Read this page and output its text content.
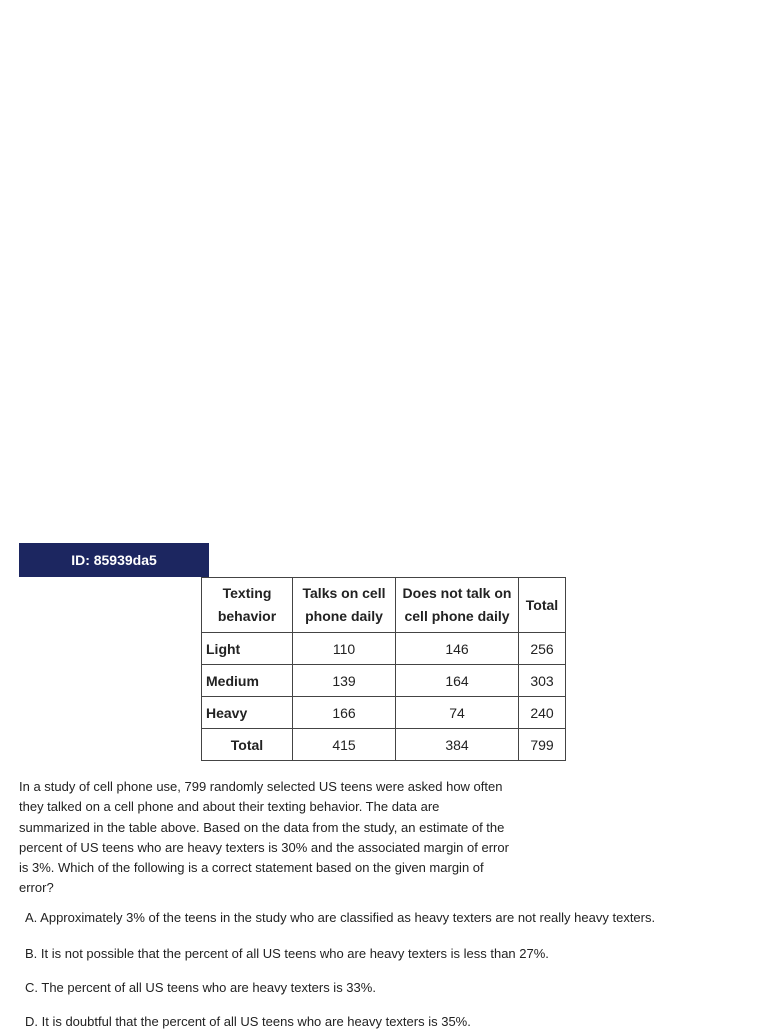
ID: 85939da5
Texting behavior	Talks on cell phone daily	Does not talk on cell phone daily	Total
Light	110	146	256
Medium	139	164	303
Heavy	166	74	240
Total	415	384	799
In a study of cell phone use, 799 randomly selected US teens were asked how often they talked on a cell phone and about their texting behavior. The data are summarized in the table above. Based on the data from the study, an estimate of the percent of US teens who are heavy texters is 30% and the associated margin of error is 3%. Which of the following is a correct statement based on the given margin of error?
A. Approximately 3% of the teens in the study who are classified as heavy texters are not really heavy texters.
B. It is not possible that the percent of all US teens who are heavy texters is less than 27%.
C. The percent of all US teens who are heavy texters is 33%.
D. It is doubtful that the percent of all US teens who are heavy texters is 35%.
